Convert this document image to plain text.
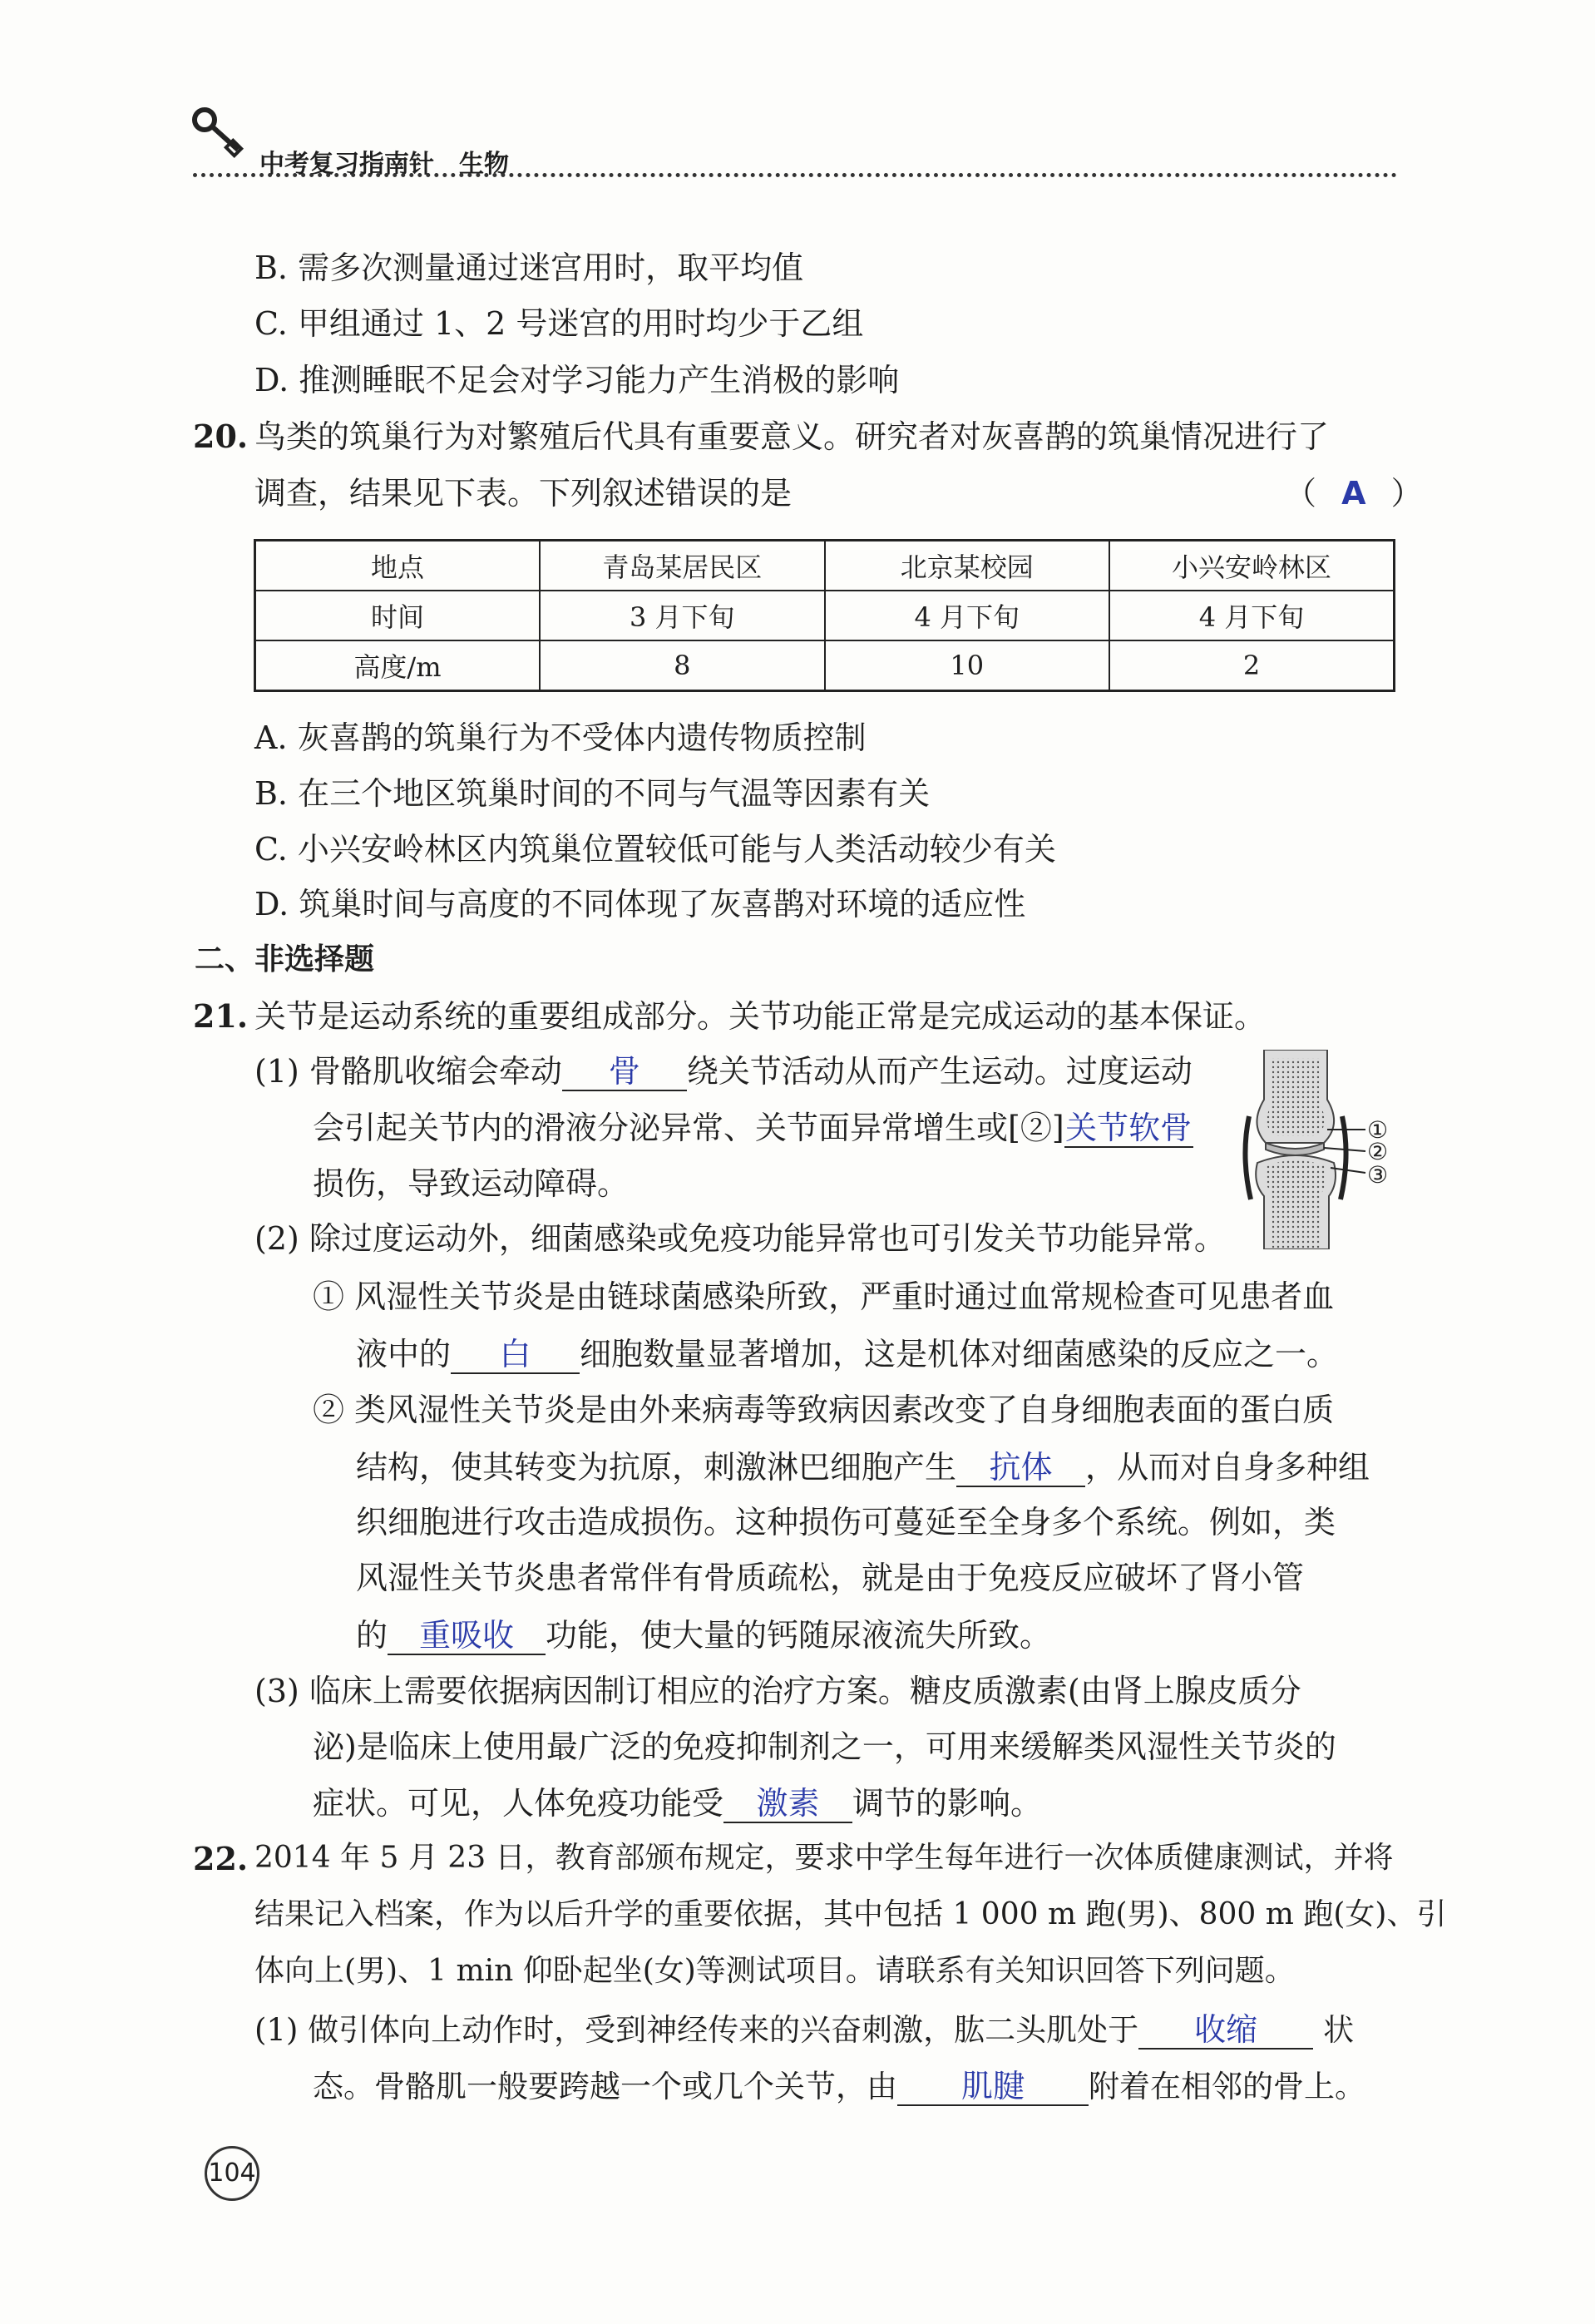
中考复习指南针　生物
B. 需多次测量通过迷宫用时，取平均值
C. 甲组通过 1、2 号迷宫的用时均少于乙组
D. 推测睡眠不足会对学习能力产生消极的影响
20. 鸟类的筑巢行为对繁殖后代具有重要意义。研究者对灰喜鹊的筑巢情况进行了
调查，结果见下表。下列叙述错误的是	（ A ）
地点	青岛某居民区	北京某校园	小兴安岭林区
时间	3 月下旬	4 月下旬	4 月下旬
高度/m	8	10	2
A. 灰喜鹊的筑巢行为不受体内遗传物质控制
B. 在三个地区筑巢时间的不同与气温等因素有关
C. 小兴安岭林区内筑巢位置较低可能与人类活动较少有关
D. 筑巢时间与高度的不同体现了灰喜鹊对环境的适应性
二、非选择题
21. 关节是运动系统的重要组成部分。关节功能正常是完成运动的基本保证。
(1) 骨骼肌收缩会牵动 骨 绕关节活动从而产生运动。过度运动
会引起关节内的滑液分泌异常、关节面异常增生或[②]关节软骨
损伤，导致运动障碍。
①
②
③
(2) 除过度运动外，细菌感染或免疫功能异常也可引发关节功能异常。
① 风湿性关节炎是由链球菌感染所致，严重时通过血常规检查可见患者血
液中的 白 细胞数量显著增加，这是机体对细菌感染的反应之一。
② 类风湿性关节炎是由外来病毒等致病因素改变了自身细胞表面的蛋白质
结构，使其转变为抗原，刺激淋巴细胞产生 抗体 ，从而对自身多种组
织细胞进行攻击造成损伤。这种损伤可蔓延至全身多个系统。例如，类
风湿性关节炎患者常伴有骨质疏松，就是由于免疫反应破坏了肾小管
的 重吸收 功能，使大量的钙随尿液流失所致。
(3) 临床上需要依据病因制订相应的治疗方案。糖皮质激素(由肾上腺皮质分
泌)是临床上使用最广泛的免疫抑制剂之一，可用来缓解类风湿性关节炎的
症状。可见，人体免疫功能受 激素 调节的影响。
22. 2014 年 5 月 23 日，教育部颁布规定，要求中学生每年进行一次体质健康测试，并将
结果记入档案，作为以后升学的重要依据，其中包括 1 000 m 跑(男)、800 m 跑(女)、引
体向上(男)、1 min 仰卧起坐(女)等测试项目。请联系有关知识回答下列问题。
(1) 做引体向上动作时，受到神经传来的兴奋刺激，肱二头肌处于 收缩 状
态。骨骼肌一般要跨越一个或几个关节，由 肌腱 附着在相邻的骨上。
104
